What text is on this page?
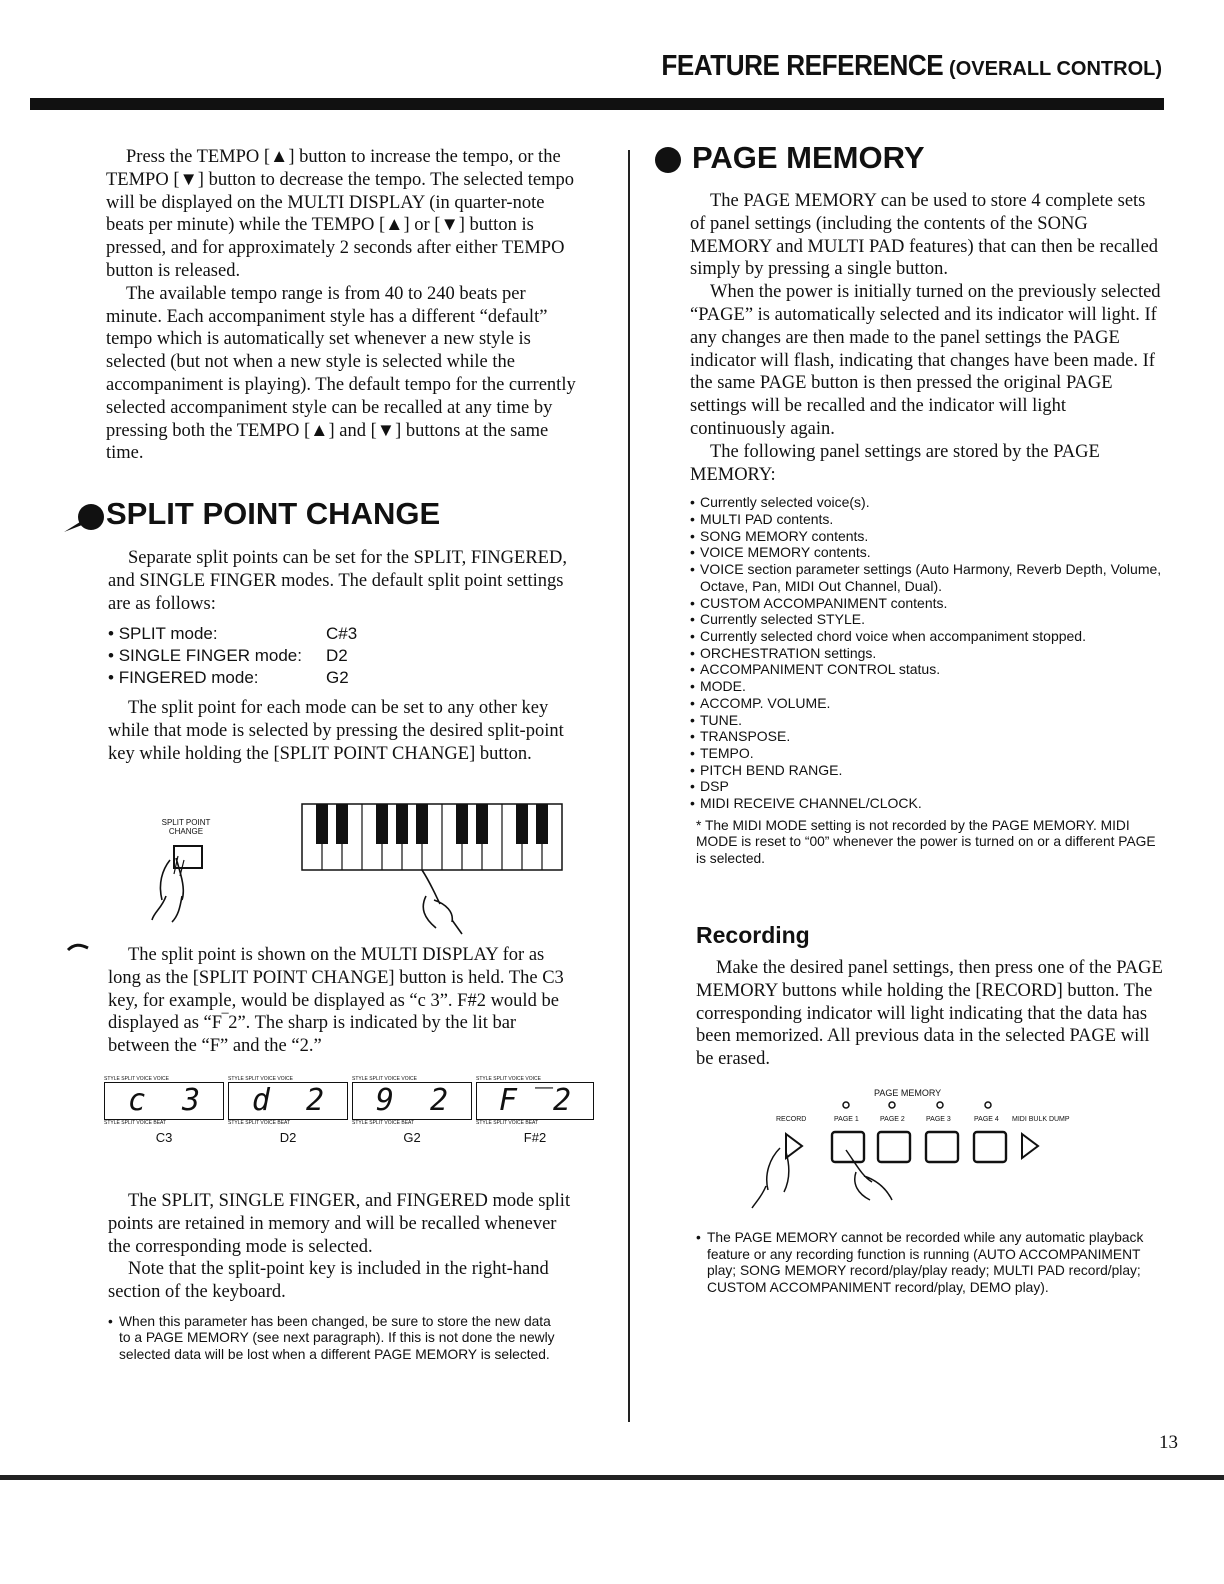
FEATURE REFERENCE (OVERALL CONTROL)

Press the TEMPO [▲] button to increase the tempo, or the TEMPO [▼] button to decrease the tempo. The selected tempo will be displayed on the MULTI DISPLAY (in quarter-note beats per minute) while the TEMPO [▲] or [▼] button is pressed, and for approximately 2 seconds after either TEMPO button is released.

The available tempo range is from 40 to 240 beats per minute. Each accompaniment style has a different “default” tempo which is automatically set whenever a new style is selected (but not when a new style is selected while the accompaniment is playing). The default tempo for the currently selected accompaniment style can be recalled at any time by pressing both the TEMPO [▲] and [▼] buttons at the same time.

SPLIT POINT CHANGE

Separate split points can be set for the SPLIT, FINGERED, and SINGLE FINGER modes. The default split point settings are as follows:

• SPLIT mode:	C#3
• SINGLE FINGER mode:	D2
• FINGERED mode:	G2

The split point for each mode can be set to any other key while that mode is selected by pressing the desired split-point key while holding the [SPLIT POINT CHANGE] button.

SPLIT POINT
CHANGE

The split point is shown on the MULTI DISPLAY for as long as the [SPLIT POINT CHANGE] button is held. The C3 key, for example, would be displayed as “c 3”. F#2 would be displayed as “F‾2”. The sharp is indicated by the lit bar between the “F” and the “2.”

STYLE SPLIT VOICE VOICE
c  3
STYLE SPLIT VOICE BEAT
C3
STYLE SPLIT VOICE VOICE
d  2
STYLE SPLIT VOICE BEAT
D2
STYLE SPLIT VOICE VOICE
9  2
STYLE SPLIT VOICE BEAT
G2
STYLE SPLIT VOICE VOICE
F ‾2
STYLE SPLIT VOICE BEAT
F#2

The SPLIT, SINGLE FINGER, and FINGERED mode split points are retained in memory and will be recalled whenever the corresponding mode is selected.

Note that the split-point key is included in the right-hand section of the keyboard.

• When this parameter has been changed, be sure to store the new data to a PAGE MEMORY (see next paragraph). If this is not done the newly selected data will be lost when a different PAGE MEMORY is selected.

PAGE MEMORY

The PAGE MEMORY can be used to store 4 complete sets of panel settings (including the contents of the SONG MEMORY and MULTI PAD features) that can then be recalled simply by pressing a single button.

When the power is initially turned on the previously selected “PAGE” is automatically selected and its indicator will light. If any changes are then made to the panel settings the PAGE indicator will flash, indicating that changes have been made. If the same PAGE button is then pressed the original PAGE settings will be recalled and the indicator will light continuously again.

The following panel settings are stored by the PAGE MEMORY:

• Currently selected voice(s).
• MULTI PAD contents.
• SONG MEMORY contents.
• VOICE MEMORY contents.
• VOICE section parameter settings (Auto Harmony, Reverb Depth, Volume, Octave, Pan, MIDI Out Channel, Dual).
• CUSTOM ACCOMPANIMENT contents.
• Currently selected STYLE.
• Currently selected chord voice when accompaniment stopped.
• ORCHESTRATION settings.
• ACCOMPANIMENT CONTROL status.
• MODE.
• ACCOMP. VOLUME.
• TUNE.
• TRANSPOSE.
• TEMPO.
• PITCH BEND RANGE.
• DSP
• MIDI RECEIVE CHANNEL/CLOCK.

* The MIDI MODE setting is not recorded by the PAGE MEMORY. MIDI MODE is reset to “00” whenever the power is turned on or a different PAGE is selected.

Recording

Make the desired panel settings, then press one of the PAGE MEMORY buttons while holding the [RECORD] button. The corresponding indicator will light indicating that the data has been memorized. All previous data in the selected PAGE will be erased.

PAGE MEMORY
RECORD	PAGE 1	PAGE 2	PAGE 3	PAGE 4 MIDI BULK DUMP

• The PAGE MEMORY cannot be recorded while any automatic playback feature or any recording function is running (AUTO ACCOMPANIMENT play; SONG MEMORY record/play/play ready; MULTI PAD record/play; CUSTOM ACCOMPANIMENT record/play, DEMO play).

13
